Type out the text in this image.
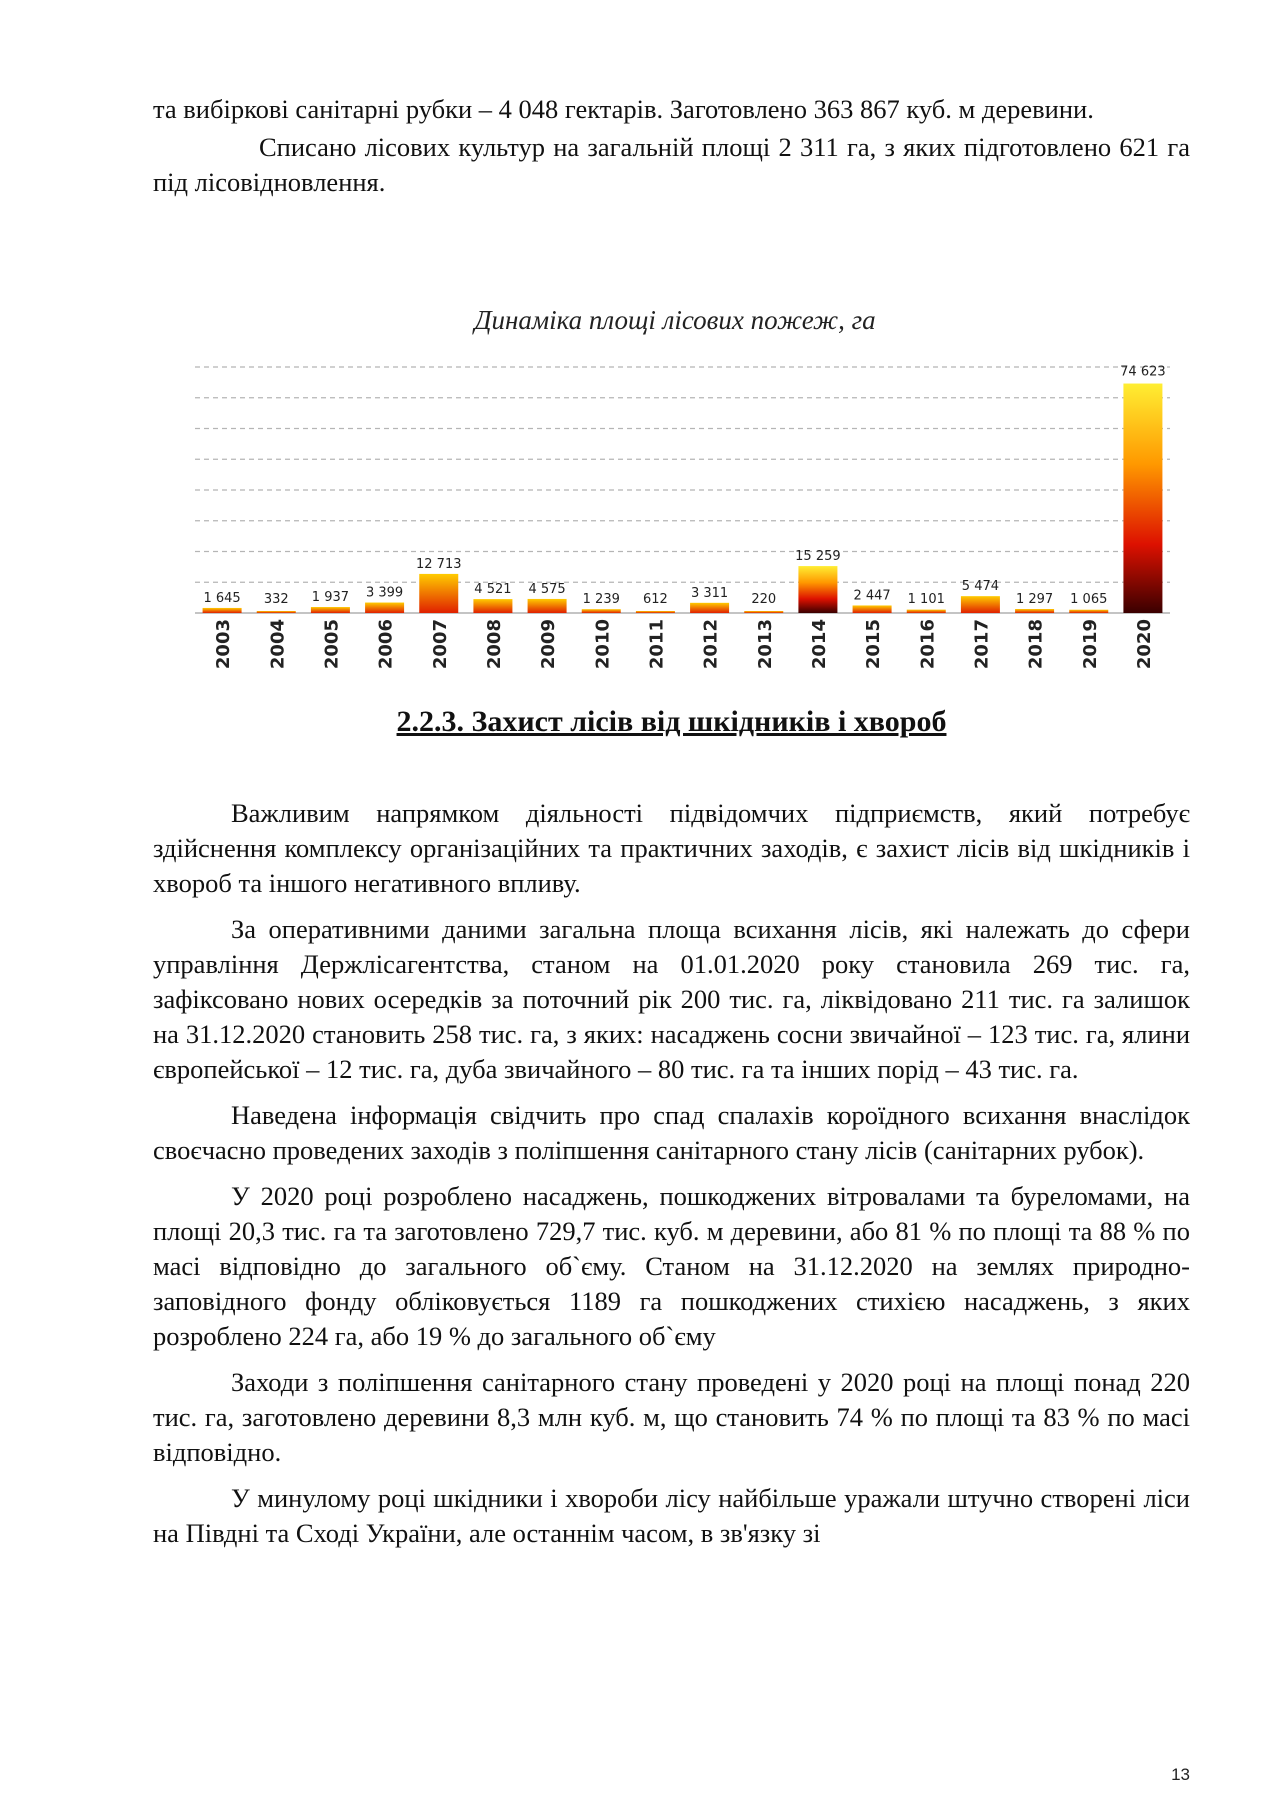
та вибіркові санітарні рубки – 4 048 гектарів. Заготовлено 363 867 куб. м деревини.

Списано лісових культур на загальній площі 2 311 га, з яких підготовлено 621 га під лісовідновлення.

Динаміка площі лісових пожеж, га
1 645 332 1 937 3 399
12 713
4 521 4 575
1 239 612 3 311 220
15 259
2 447 1 101
5 474
1 297 1 065
74 623
2003 2004 2005 2006 2007 2008 2009 2010 2011 2012 2013 2014 2015 2016 2017 2018 2019 2020
2.2.3. Захист лісів від шкідників і хвороб

Важливим напрямком діяльності підвідомчих підприємств, який потребує здійснення комплексу організаційних та практичних заходів, є захист лісів від шкідників і хвороб та іншого негативного впливу.

За оперативними даними загальна площа всихання лісів, які належать до сфери управління Держлісагентства, станом на 01.01.2020 року становила 269 тис. га, зафіксовано нових осередків за поточний рік 200 тис. га, ліквідовано 211 тис. га залишок на 31.12.2020 становить 258 тис. га, з яких: насаджень сосни звичайної – 123 тис. га, ялини європейської – 12 тис. га, дуба звичайного – 80 тис. га та інших порід – 43 тис. га.

Наведена інформація свідчить про спад спалахів короїдного всихання внаслідок своєчасно проведених заходів з поліпшення санітарного стану лісів (санітарних рубок).

У 2020 році розроблено насаджень, пошкоджених вітровалами та буреломами, на площі 20,3 тис. га та заготовлено 729,7 тис. куб. м деревини, або 81 % по площі та 88 % по масі відповідно до загального об`єму. Станом на 31.12.2020 на землях природно-заповідного фонду обліковується 1189 га пошкоджених стихією насаджень, з яких розроблено 224 га, або 19 % до загального об`єму

Заходи з поліпшення санітарного стану проведені у 2020 році на площі понад 220 тис. га, заготовлено деревини 8,3 млн куб. м, що становить 74 % по площі та 83 % по масі відповідно.

У минулому році шкідники і хвороби лісу найбільше уражали штучно створені ліси на Півдні та Сході України, але останнім часом, в зв'язку зі

13
